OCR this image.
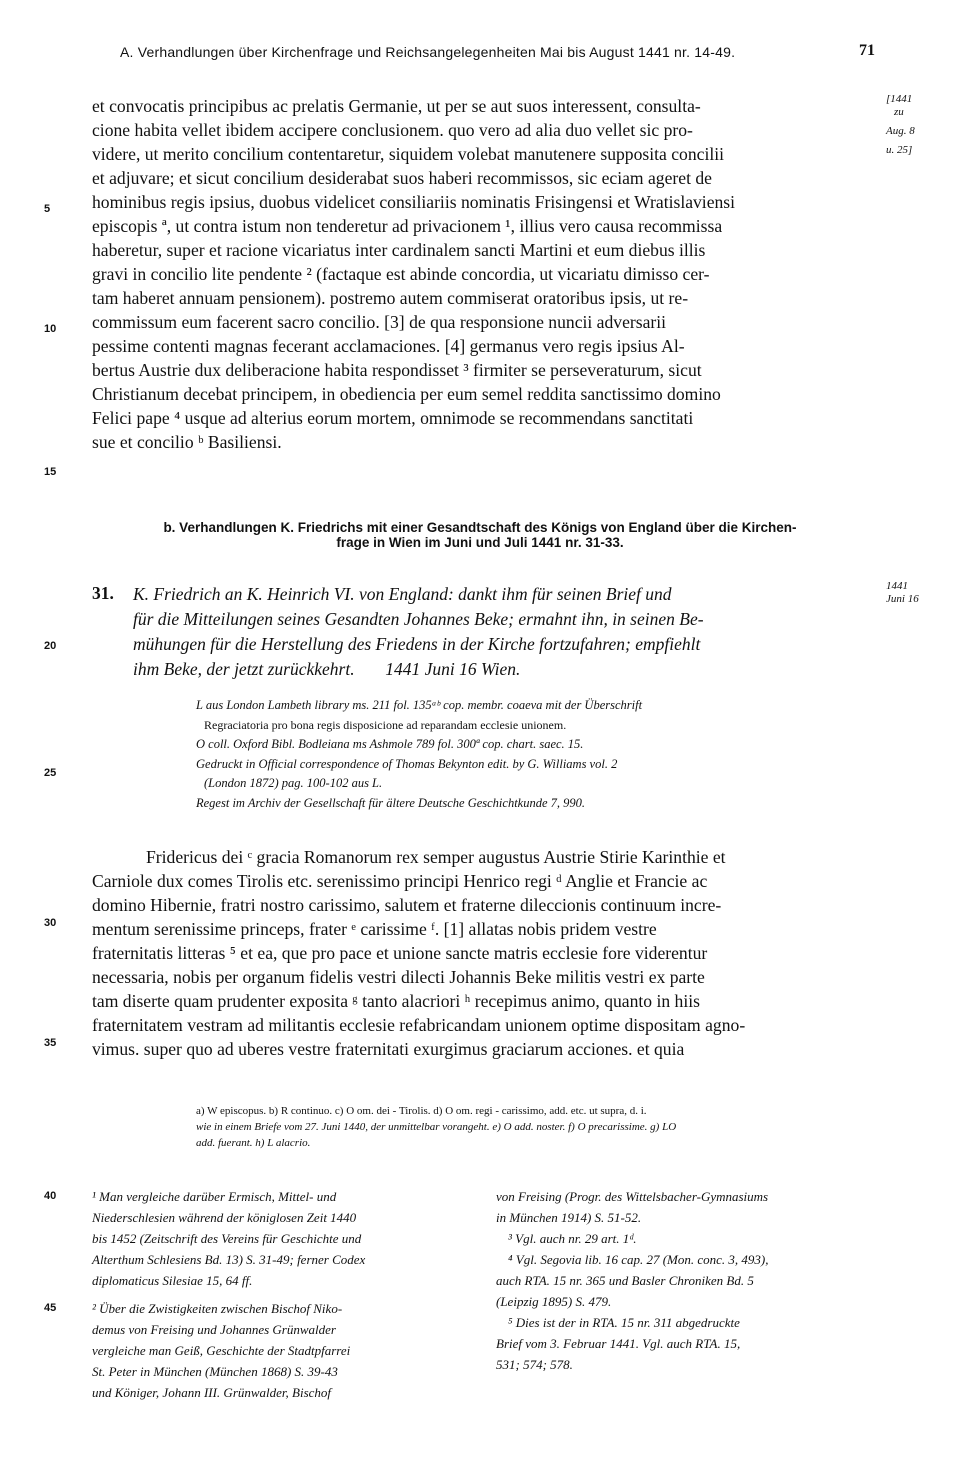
A. Verhandlungen über Kirchenfrage und Reichsangelegenheiten Mai bis August 1441 nr. 14-49.	71
[1441
zu
Aug. 8
u. 25]
1441
Juni 16
5
10
15
20
25
30
35
40
45
et convocatis principibus ac prelatis Germanie, ut per se aut suos interessent, consulta-
cione habita vellet ibidem accipere conclusionem. quo vero ad alia duo vellet sic pro-
videre, ut merito concilium contentaretur, siquidem volebat manutenere supposita concilii
et adjuvare; et sicut concilium desiderabat suos haberi recommissos, sic eciam ageret de
hominibus regis ipsius, duobus videlicet consiliariis nominatis Frisingensi et Wratislaviensi
episcopis ª, ut contra istum non tenderetur ad privacionem ¹, illius vero causa recommissa
haberetur, super et racione vicariatus inter cardinalem sancti Martini et eum diebus illis
gravi in concilio lite pendente ² (factaque est abinde concordia, ut vicariatu dimisso cer-
tam haberet annuam pensionem). postremo autem commiserat oratoribus ipsis, ut re-
commissum eum facerent sacro concilio. [3] de qua responsione nuncii adversarii
pessime contenti magnas fecerant acclamaciones. [4] germanus vero regis ipsius Al-
bertus Austrie dux deliberacione habita respondisset ³ firmiter se perseveraturum, sicut
Christianum decebat principem, in obediencia per eum semel reddita sanctissimo domino
Felici pape ⁴ usque ad alterius eorum mortem, omnimode se recommendans sanctitati
sue et concilio ᵇ Basiliensi.
b. Verhandlungen K. Friedrichs mit einer Gesandtschaft des Königs von England über die Kirchen-
frage in Wien im Juni und Juli 1441 nr. 31-33.
31. K. Friedrich an K. Heinrich VI. von England: dankt ihm für seinen Brief und
für die Mitteilungen seines Gesandten Johannes Beke; ermahnt ihn, in seinen Be-
mühungen für die Herstellung des Friedens in der Kirche fortzufahren; empfiehlt
ihm Beke, der jetzt zurückkehrt.       1441 Juni 16 Wien.
L aus London Lambeth library ms. 211 fol. 135ᵃᵇ cop. membr. coaeva mit der Überschrift
Regraciatoria pro bona regis disposicione ad reparandam ecclesie unionem.
O coll. Oxford Bibl. Bodleiana ms Ashmole 789 fol. 300ª cop. chart. saec. 15.
Gedruckt in Official correspondence of Thomas Bekynton edit. by G. Williams vol. 2
(London 1872) pag. 100-102 aus L.
Regest im Archiv der Gesellschaft für ältere Deutsche Geschichtkunde 7, 990.
Fridericus dei ᶜ gracia Romanorum rex semper augustus Austrie Stirie Karinthie et
Carniole dux comes Tirolis etc. serenissimo principi Henrico regi ᵈ Anglie et Francie ac
domino Hibernie, fratri nostro carissimo, salutem et fraterne dileccionis continuum incre-
mentum serenissime princeps, frater ᵉ carissime ᶠ. [1] allatas nobis pridem vestre
fraternitatis litteras ⁵ et ea, que pro pace et unione sancte matris ecclesie fore viderentur
necessaria, nobis per organum fidelis vestri dilecti Johannis Beke militis vestri ex parte
tam diserte quam prudenter exposita ᵍ tanto alacriori ʰ recepimus animo, quanto in hiis
fraternitatem vestram ad militantis ecclesie refabricandam unionem optime dispositam agno-
vimus. super quo ad uberes vestre fraternitati exurgimus graciarum acciones. et quia
a) W episcopus. b) R continuo. c) O om. dei - Tirolis. d) O om. regi - carissimo, add. etc. ut supra, d. i.
wie in einem Briefe vom 27. Juni 1440, der unmittelbar vorangeht. e) O add. noster. f) O precarissime. g) LO
add. fuerant. h) L alacrio.
¹ Man vergleiche darüber Ermisch, Mittel- und
Niederschlesien während der königlosen Zeit 1440
bis 1452 (Zeitschrift des Vereins für Geschichte und
Alterthum Schlesiens Bd. 13) S. 31-49; ferner Codex
diplomaticus Silesiae 15, 64 ff.
² Über die Zwistigkeiten zwischen Bischof Niko-
demus von Freising und Johannes Grünwalder
vergleiche man Geiß, Geschichte der Stadtpfarrei
St. Peter in München (München 1868) S. 39-43
und Königer, Johann III. Grünwalder, Bischof
von Freising (Progr. des Wittelsbacher-Gymnasiums
in München 1914) S. 51-52.
³ Vgl. auch nr. 29 art. 1ᵈ.
⁴ Vgl. Segovia lib. 16 cap. 27 (Mon. conc. 3, 493),
auch RTA. 15 nr. 365 und Basler Chroniken Bd. 5
(Leipzig 1895) S. 479.
⁵ Dies ist der in RTA. 15 nr. 311 abgedruckte
Brief vom 3. Februar 1441. Vgl. auch RTA. 15,
531; 574; 578.
